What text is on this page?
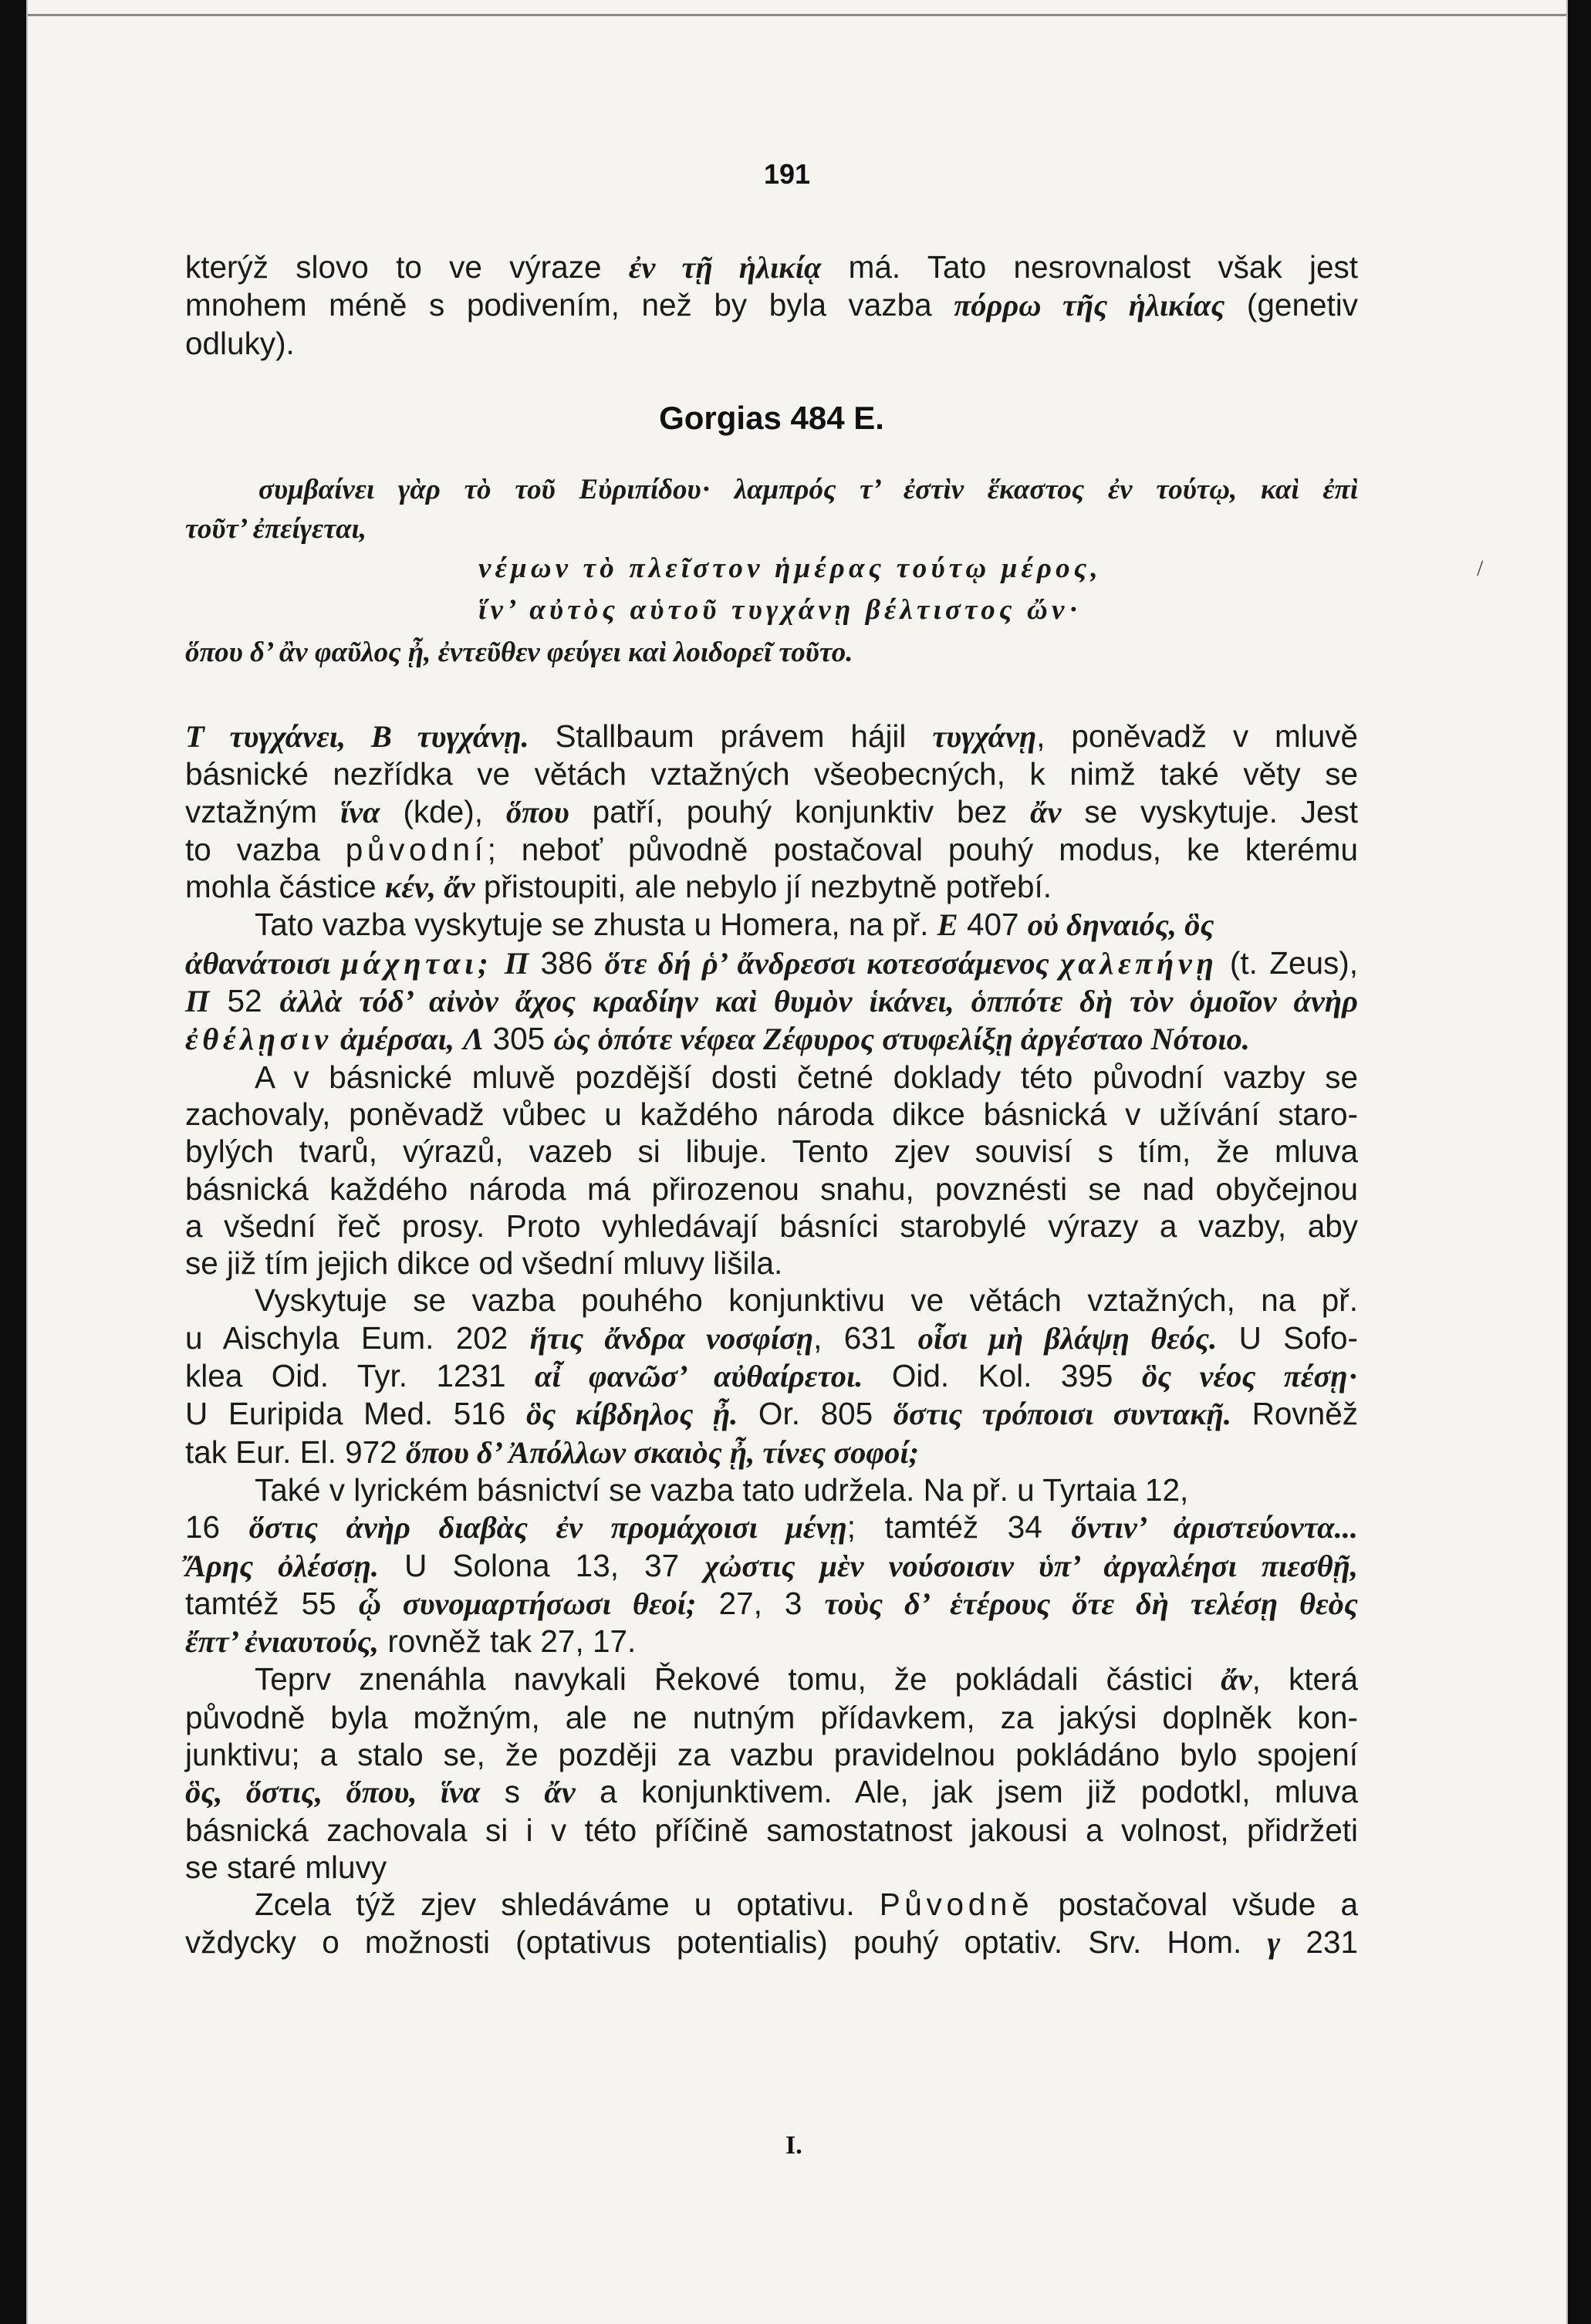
/
191
kterýž slovo to ve výraze ἐν τῇ ἡλικίᾳ má. Tato nesrovnalost však jest
mnohem méně s podivením, než by byla vazba πόρρω τῆς ἡλικίας (genetiv
odluky).
Gorgias 484 E.
συμβαίνει γὰρ τὸ τοῦ Εὐριπίδου· λαμπρός τ’ ἐστὶν ἕκαστος ἐν τούτῳ, καὶ ἐπὶ
τοῦτ’ ἐπείγεται,
νέμων τὸ πλεῖστον ἡμέρας τούτῳ μέρος,
ἵν’ αὐτὸς αὑτοῦ τυγχάνῃ βέλτιστος ὤν·
ὅπου δ’ ἂν φαῦλος ᾖ, ἐντεῦθεν φεύγει καὶ λοιδορεῖ τοῦτο.
Τ τυγχάνει, Β τυγχάνῃ. Stallbaum právem hájil τυγχάνῃ, poněvadž v mluvě
básnické nezřídka ve větách vztažných všeobecných, k nimž také věty se
vztažným ἵνα (kde), ὅπου patří, pouhý konjunktiv bez ἄν se vyskytuje. Jest
to vazba původní; neboť původně postačoval pouhý modus, ke kterému
mohla částice κέν, ἄν přistoupiti, ale nebylo jí nezbytně potřebí.
Tato vazba vyskytuje se zhusta u Homera, na př. Ε 407 οὐ δηναιός, ὃς
ἀθανάτοισι μάχηται; Π 386 ὅτε δή ῥ’ ἄνδρεσσι κοτεσσάμενος χαλεπήνῃ (t. Zeus),
Π 52 ἀλλὰ τόδ’ αἰνὸν ἄχος κραδίην καὶ θυμὸν ἱκάνει, ὁππότε δὴ τὸν ὁμοῖον ἀνὴρ
ἐθέλῃσιν ἀμέρσαι, Λ 305 ὡς ὁπότε νέφεα Ζέφυρος στυφελίξῃ ἀργέσταο Νότοιο.
A v básnické mluvě pozdější dosti četné doklady této původní vazby se
zachovaly, poněvadž vůbec u každého národa dikce básnická v užívání staro-
bylých tvarů, výrazů, vazeb si libuje. Tento zjev souvisí s tím, že mluva
básnická každého národa má přirozenou snahu, povznésti se nad obyčejnou
a všední řeč prosy. Proto vyhledávají básníci starobylé výrazy a vazby, aby
se již tím jejich dikce od všední mluvy lišila.
Vyskytuje se vazba pouhého konjunktivu ve větách vztažných, na př.
u Aischyla Eum. 202 ἥτις ἄνδρα νοσφίσῃ, 631 οἷσι μὴ βλάψῃ θεός. U Sofo-
klea Oid. Tyr. 1231 αἶ φανῶσ’ αὐθαίρετοι. Oid. Kol. 395 ὃς νέος πέσῃ·
U Euripida Med. 516 ὃς κίβδηλος ᾖ. Or. 805 ὅστις τρόποισι συντακῇ. Rovněž
tak Eur. El. 972 ὅπου δ’ Ἀπόλλων σκαιὸς ᾖ, τίνες σοφοί;
Také v lyrickém básnictví se vazba tato udržela. Na př. u Tyrtaia 12,
16 ὅστις ἀνὴρ διαβὰς ἐν προμάχοισι μένῃ; tamtéž 34 ὅντιν’ ἀριστεύοντα...
Ἄρης ὀλέσσῃ. U Solona 13, 37 χὠστις μὲν νούσοισιν ὑπ’ ἀργαλέησι πιεσθῇ,
tamtéž 55 ᾧ συνομαρτήσωσι θεοί; 27, 3 τοὺς δ’ ἑτέρους ὅτε δὴ τελέσῃ θεὸς
ἔπτ’ ἐνιαυτούς, rovněž tak 27, 17.
Teprv znenáhla navykali Řekové tomu, že pokládali částici ἄν, která
původně byla možným, ale ne nutným přídavkem, za jakýsi doplněk kon-
junktivu; a stalo se, že později za vazbu pravidelnou pokládáno bylo spojení
ὃς, ὅστις, ὅπου, ἵνα s ἄν a konjunktivem. Ale, jak jsem již podotkl, mluva
básnická zachovala si i v této příčině samostatnost jakousi a volnost, přidržeti
se staré mluvy
Zcela týž zjev shledáváme u optativu. Původně postačoval všude a
vždycky o možnosti (optativus potentialis) pouhý optativ. Srv. Hom. γ 231
I.
